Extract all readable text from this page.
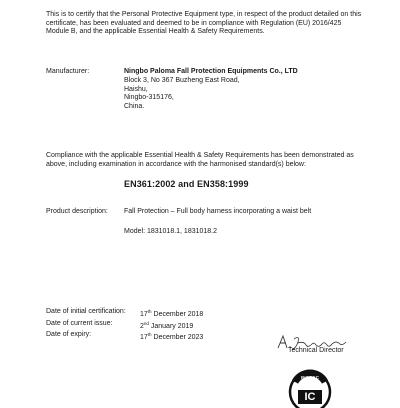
This is to certify that the Personal Protective Equipment type, in respect of the product detailed on this certificate, has been evaluated and deemed to be in compliance with Regulation (EU) 2016/425 Module B, and the applicable Essential Health & Safety Requirements.
Manufacturer:	Ningbo Paloma Fall Protection Equipments Co., LTD
Block 3, No 367 Buzheng East Road,
Haishu,
Ningbo-315176,
China.
Compliance with the applicable Essential Health & Safety Requirements has been demonstrated as above, including examination in accordance with the harmonised standard(s) below:
EN361:2002 and EN358:1999
Product description: Fall Protection – Full body harness incorporating a waist belt
Model: 1831018.1, 1831018.2
Date of initial certification:	17th December 2018
Date of current issue:	2nd January 2019
Date of expiry:	17th December 2023
Technical Director
INSPEC
IC
